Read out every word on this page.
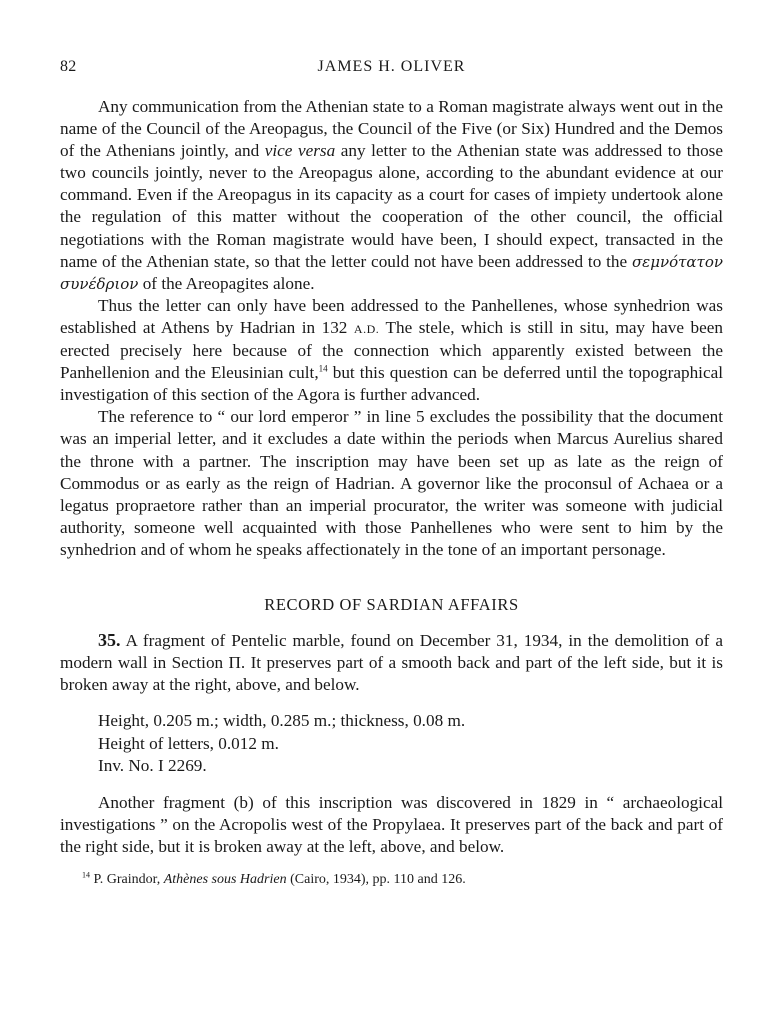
82	JAMES H. OLIVER

Any communication from the Athenian state to a Roman magistrate always went out in the name of the Council of the Areopagus, the Council of the Five (or Six) Hundred and the Demos of the Athenians jointly, and vice versa any letter to the Athenian state was addressed to those two councils jointly, never to the Areopagus alone, according to the abundant evidence at our command. Even if the Areopagus in its capacity as a court for cases of impiety undertook alone the regulation of this matter without the cooperation of the other council, the official negotiations with the Roman magistrate would have been, I should expect, transacted in the name of the Athenian state, so that the letter could not have been addressed to the σεμνότατον συνέδριον of the Areopagites alone.

Thus the letter can only have been addressed to the Panhellenes, whose synhedrion was established at Athens by Hadrian in 132 A.D. The stele, which is still in situ, may have been erected precisely here because of the connection which apparently existed between the Panhellenion and the Eleusinian cult,$^{14}$ but this question can be deferred until the topographical investigation of this section of the Agora is further advanced.

The reference to “ our lord emperor ” in line 5 excludes the possibility that the document was an imperial letter, and it excludes a date within the periods when Marcus Aurelius shared the throne with a partner. The inscription may have been set up as late as the reign of Commodus or as early as the reign of Hadrian. A governor like the proconsul of Achaea or a legatus propraetore rather than an imperial procurator, the writer was someone with judicial authority, someone well acquainted with those Panhellenes who were sent to him by the synhedrion and of whom he speaks affectionately in the tone of an important personage.

RECORD OF SARDIAN AFFAIRS

35. A fragment of Pentelic marble, found on December 31, 1934, in the demolition of a modern wall in Section Π. It preserves part of a smooth back and part of the left side, but it is broken away at the right, above, and below.

Height, 0.205 m.; width, 0.285 m.; thickness, 0.08 m.
Height of letters, 0.012 m.
Inv. No. I 2269.

Another fragment (b) of this inscription was discovered in 1829 in “ archaeological investigations ” on the Acropolis west of the Propylaea. It preserves part of the back and part of the right side, but it is broken away at the left, above, and below.

$^{14}$ P. Graindor, Athènes sous Hadrien (Cairo, 1934), pp. 110 and 126.
